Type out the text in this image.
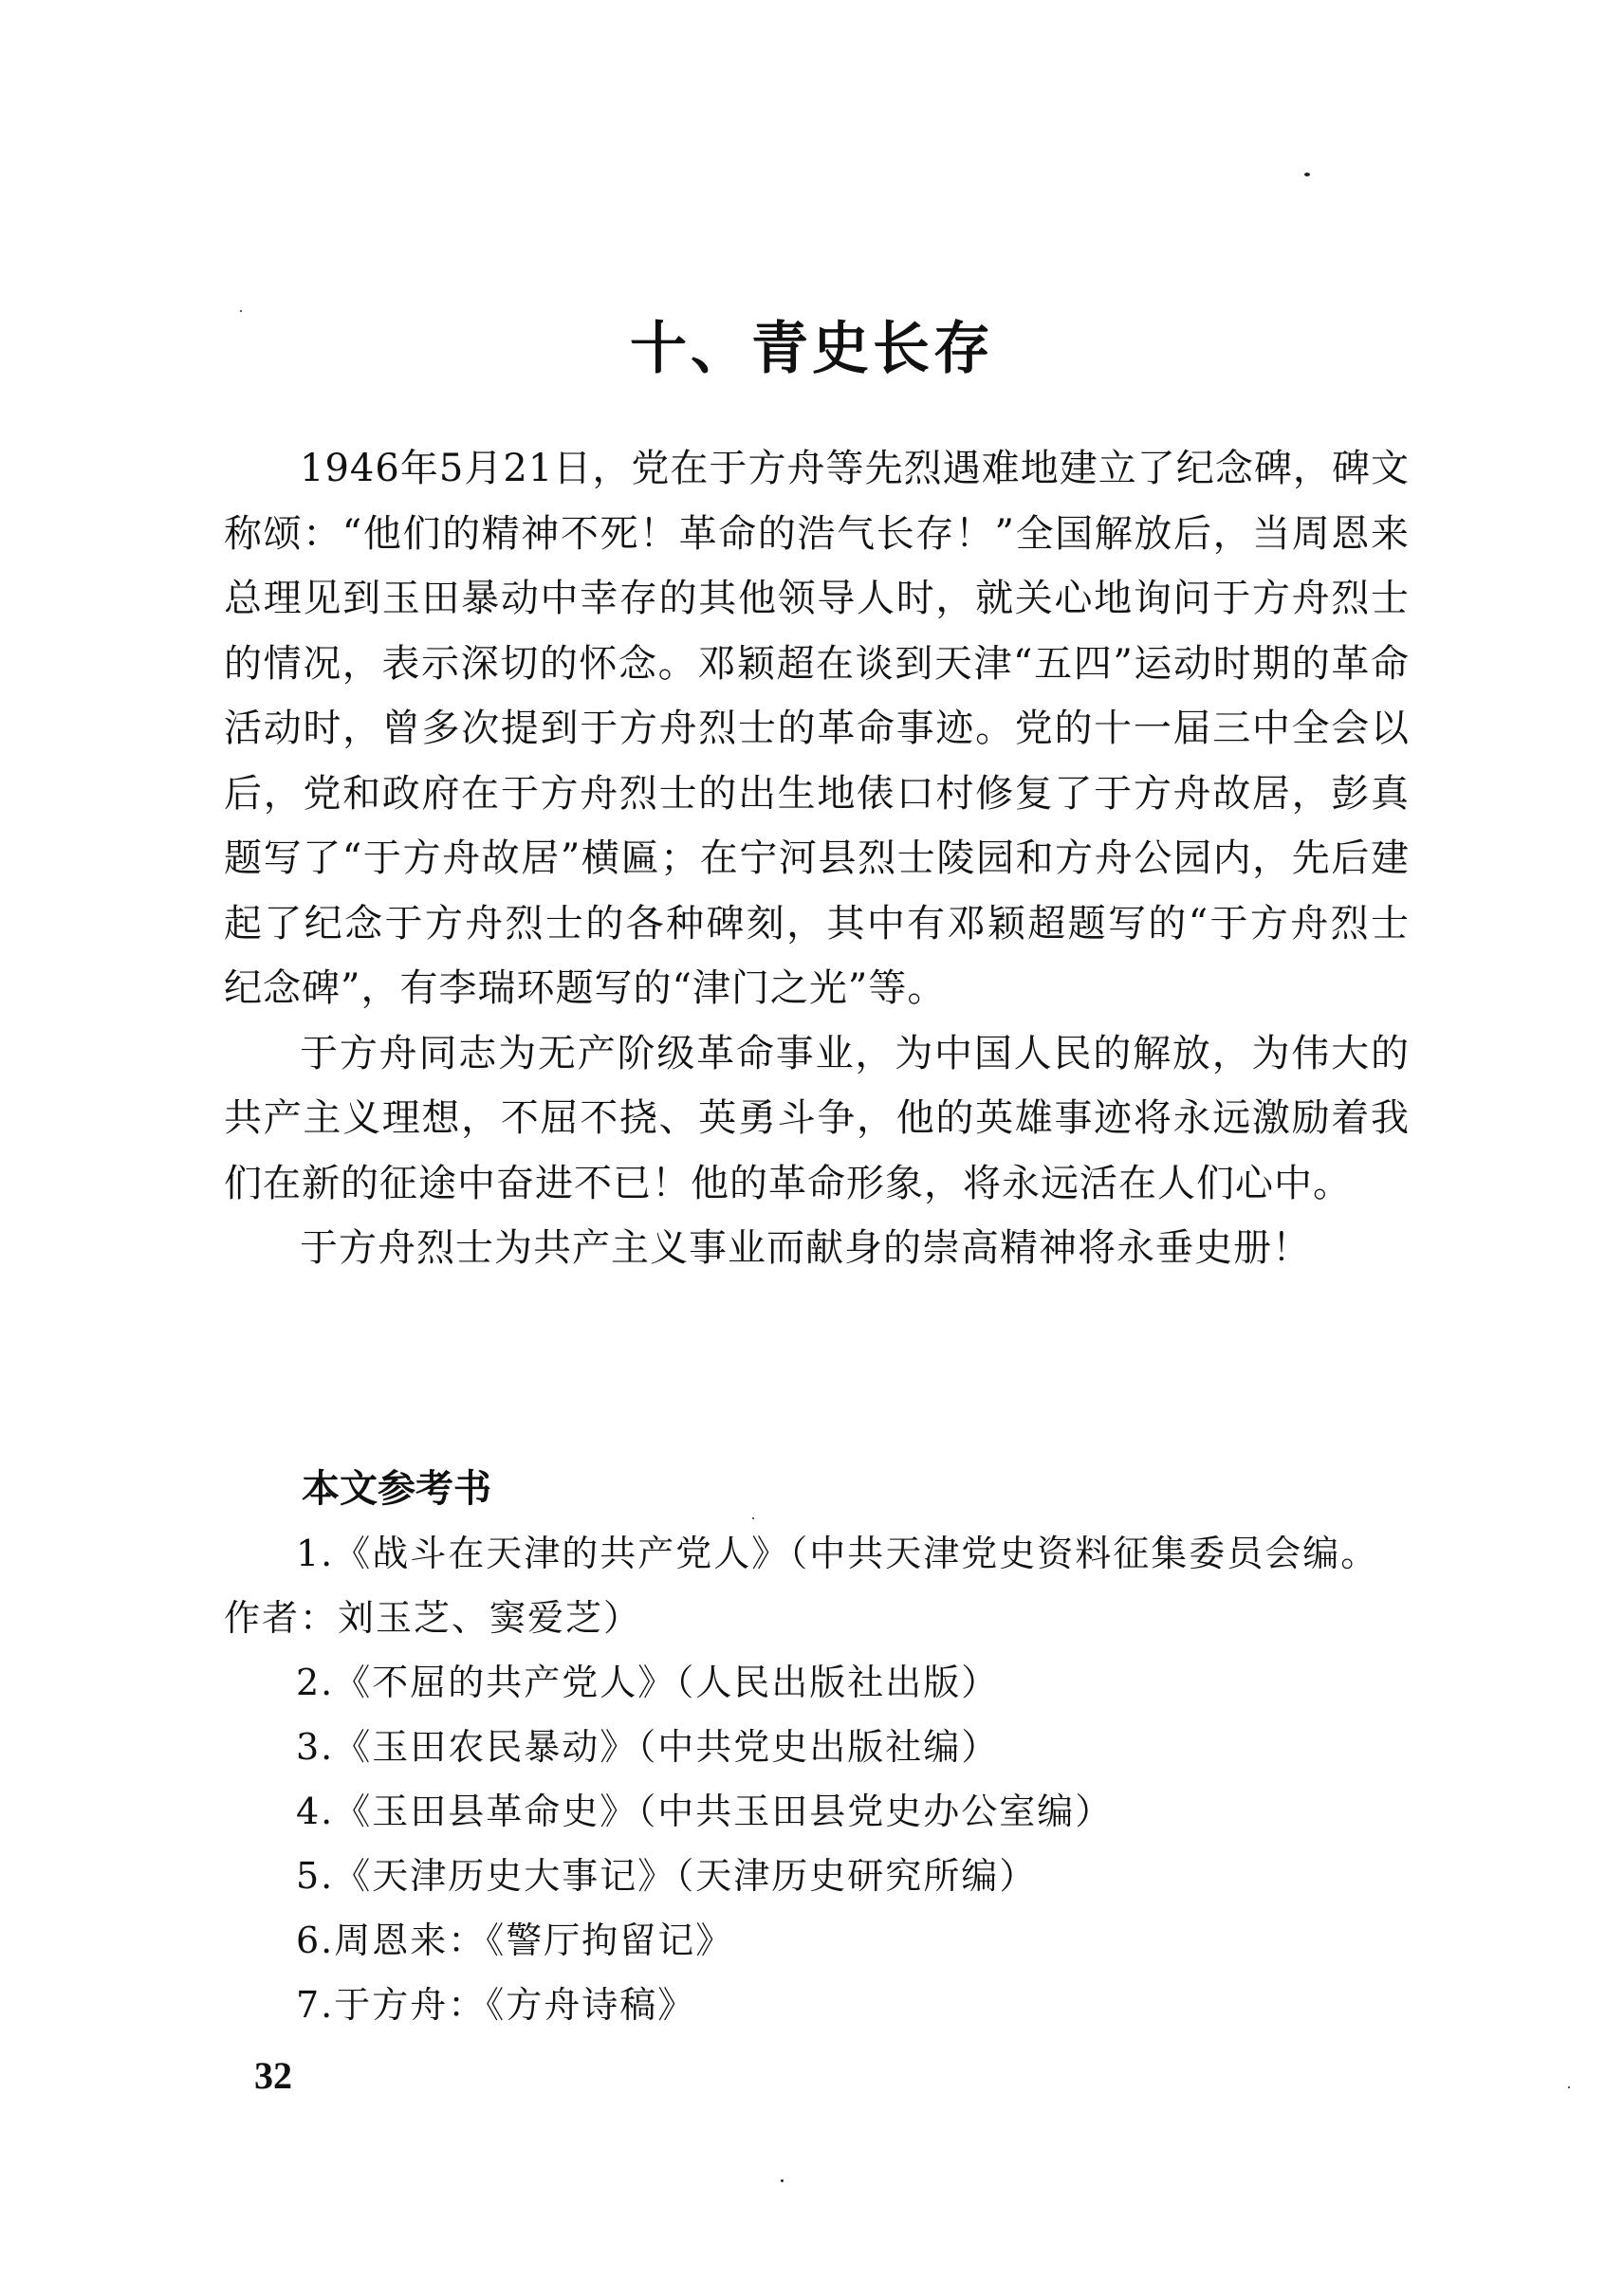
十、青史长存

1946年5月21日，党在于方舟等先烈遇难地建立了纪念碑，碑文称颂：“他们的精神不死！革命的浩气长存！”全国解放后，当周恩来总理见到玉田暴动中幸存的其他领导人时，就关心地询问于方舟烈士的情况，表示深切的怀念。邓颖超在谈到天津“五四”运动时期的革命活动时，曾多次提到于方舟烈士的革命事迹。党的十一届三中全会以后，党和政府在于方舟烈士的出生地俵口村修复了于方舟故居，彭真题写了“于方舟故居”横匾；在宁河县烈士陵园和方舟公园内，先后建起了纪念于方舟烈士的各种碑刻，其中有邓颖超题写的“于方舟烈士纪念碑”，有李瑞环题写的“津门之光”等。

于方舟同志为无产阶级革命事业，为中国人民的解放，为伟大的共产主义理想，不屈不挠、英勇斗争，他的英雄事迹将永远激励着我们在新的征途中奋进不已！他的革命形象，将永远活在人们心中。

于方舟烈士为共产主义事业而献身的崇高精神将永垂史册！

本文参考书
1.《战斗在天津的共产党人》（中共天津党史资料征集委员会编。作者：刘玉芝、窦爱芝）
2.《不屈的共产党人》（人民出版社出版）
3.《玉田农民暴动》（中共党史出版社编）
4.《玉田县革命史》（中共玉田县党史办公室编）
5.《天津历史大事记》（天津历史研究所编）
6.周恩来：《警厅拘留记》
7.于方舟：《方舟诗稿》
32
